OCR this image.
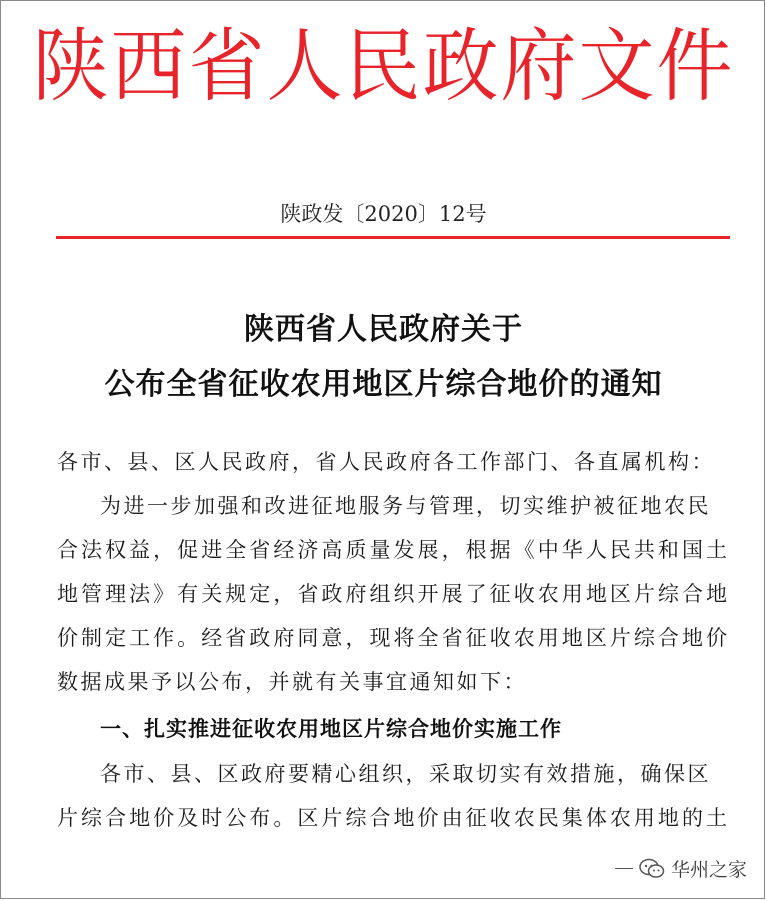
陕西省人民政府文件
陕政发〔2020〕12号
陕西省人民政府关于
公布全省征收农用地区片综合地价的通知
各市、县、区人民政府，省人民政府各工作部门、各直属机构：
为进一步加强和改进征地服务与管理，切实维护被征地农民
合法权益，促进全省经济高质量发展，根据《中华人民共和国土
地管理法》有关规定，省政府组织开展了征收农用地区片综合地
价制定工作。经省政府同意，现将全省征收农用地区片综合地价
数据成果予以公布，并就有关事宜通知如下：
一、扎实推进征收农用地区片综合地价实施工作
各市、县、区政府要精心组织，采取切实有效措施，确保区
片综合地价及时公布。区片综合地价由征收农民集体农用地的土
华州之家
